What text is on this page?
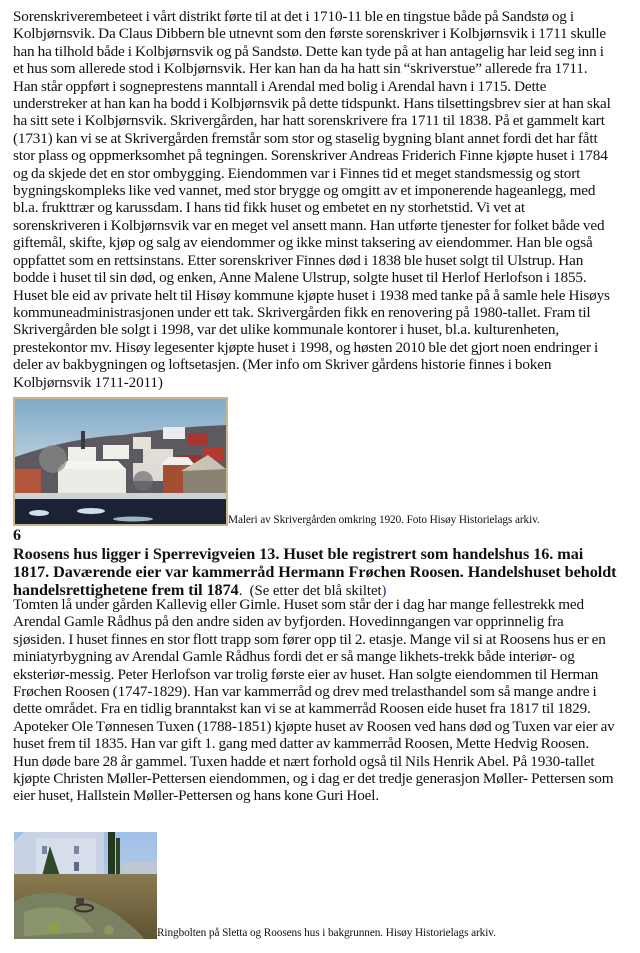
Sorenskriverembeteet i vårt distrikt førte til at det i 1710-11 ble en tingstue både på Sandstø og i
Kolbjørnsvik. Da Claus Dibbern ble utnevnt som den første sorenskriver i Kolbjørnsvik i 1711 skulle
han ha tilhold både i Kolbjørnsvik og på Sandstø. Dette kan tyde på at han antagelig har leid seg inn i
et hus som allerede stod i Kolbjørnsvik. Her kan han da ha hatt sin “skriverstue” allerede fra 1711.
Han står oppført i sogneprestens manntall i Arendal med bolig i Arendal havn i 1715. Dette
understreker at han kan ha bodd i Kolbjørnsvik på dette tidspunkt. Hans tilsettingsbrev sier at han skal
ha sitt sete i Kolbjørnsvik. Skrivergården, har hatt sorenskrivere fra 1711 til 1838. På et gammelt kart
(1731) kan vi se at Skrivergården fremstår som stor og staselig bygning blant annet fordi det har fått
stor plass og oppmerksomhet på tegningen. Sorenskriver Andreas Friderich Finne kjøpte huset i 1784
og da skjede det en stor ombygging. Eiendommen var i Finnes tid et meget standsmessig og stort
bygningskompleks like ved vannet, med stor brygge og omgitt av et imponerende hageanlegg, med
bl.a. frukttrær og karussdam. I hans tid fikk huset og embetet en ny storhetstid. Vi vet at
sorenskriveren i Kolbjørnsvik var en meget vel ansett mann. Han utførte tjenester for folket både ved
giftemål, skifte, kjøp og salg av eiendommer og ikke minst taksering av eiendommer. Han ble også
oppfattet som en rettsinstans. Etter sorenskriver Finnes død i 1838 ble huset solgt til Ulstrup. Han
bodde i huset til sin død, og enken, Anne Malene Ulstrup, solgte huset til Herlof Herlofson i 1855.
Huset ble eid av private helt til Hisøy kommune kjøpte huset i 1938 med tanke på å samle hele Hisøys
kommuneadministrasjonen under ett tak. Skrivergården fikk en renovering på 1980-tallet. Fram til
Skrivergården ble solgt i 1998, var det ulike kommunale kontorer i huset, bl.a. kulturenheten,
prestekontor mv. Hisøy legesenter kjøpte huset i 1998, og høsten 2010 ble det gjort noen endringer i
deler av bakbygningen og loftsetasjen. (Mer info om Skriver gårdens historie finnes i boken
Kolbjørnsvik 1711-2011)
Maleri av Skrivergården omkring 1920. Foto Hisøy Historielags arkiv.
6
Roosens hus ligger i Sperrevigveien 13. Huset ble registrert som handelshus 16. mai
1817. Daværende eier var kammerråd Hermann Frøchen Roosen. Handelshuset beholdt
handelsrettighetene frem til 1874. (Se etter det blå skiltet)
Tomten lå under gården Kallevig eller Gimle. Huset som står der i dag har mange fellestrekk med
Arendal Gamle Rådhus på den andre siden av byfjorden. Hovedinngangen var opprinnelig fra
sjøsiden. I huset finnes en stor flott trapp som fører opp til 2. etasje. Mange vil si at Roosens hus er en
miniatyrbygning av Arendal Gamle Rådhus fordi det er så mange likhets-trekk både interiør- og
eksteriør-messig. Peter Herlofson var trolig første eier av huset. Han solgte eiendommen til Herman
Frøchen Roosen (1747-1829). Han var kammerråd og drev med trelasthandel som så mange andre i
dette området. Fra en tidlig branntakst kan vi se at kammerråd Roosen eide huset fra 1817 til 1829.
Apoteker Ole Tønnesen Tuxen (1788-1851) kjøpte huset av Roosen ved hans død og Tuxen var eier av
huset frem til 1835. Han var gift 1. gang med datter av kammerråd Roosen, Mette Hedvig Roosen.
Hun døde bare 28 år gammel. Tuxen hadde et nært forhold også til Nils Henrik Abel. På 1930-tallet
kjøpte Christen Møller-Pettersen eiendommen, og i dag er det tredje generasjon Møller- Pettersen som
eier huset, Hallstein Møller-Pettersen og hans kone Guri Hoel.
Ringbolten på Sletta og Roosens hus i bakgrunnen. Hisøy Historielags arkiv.
